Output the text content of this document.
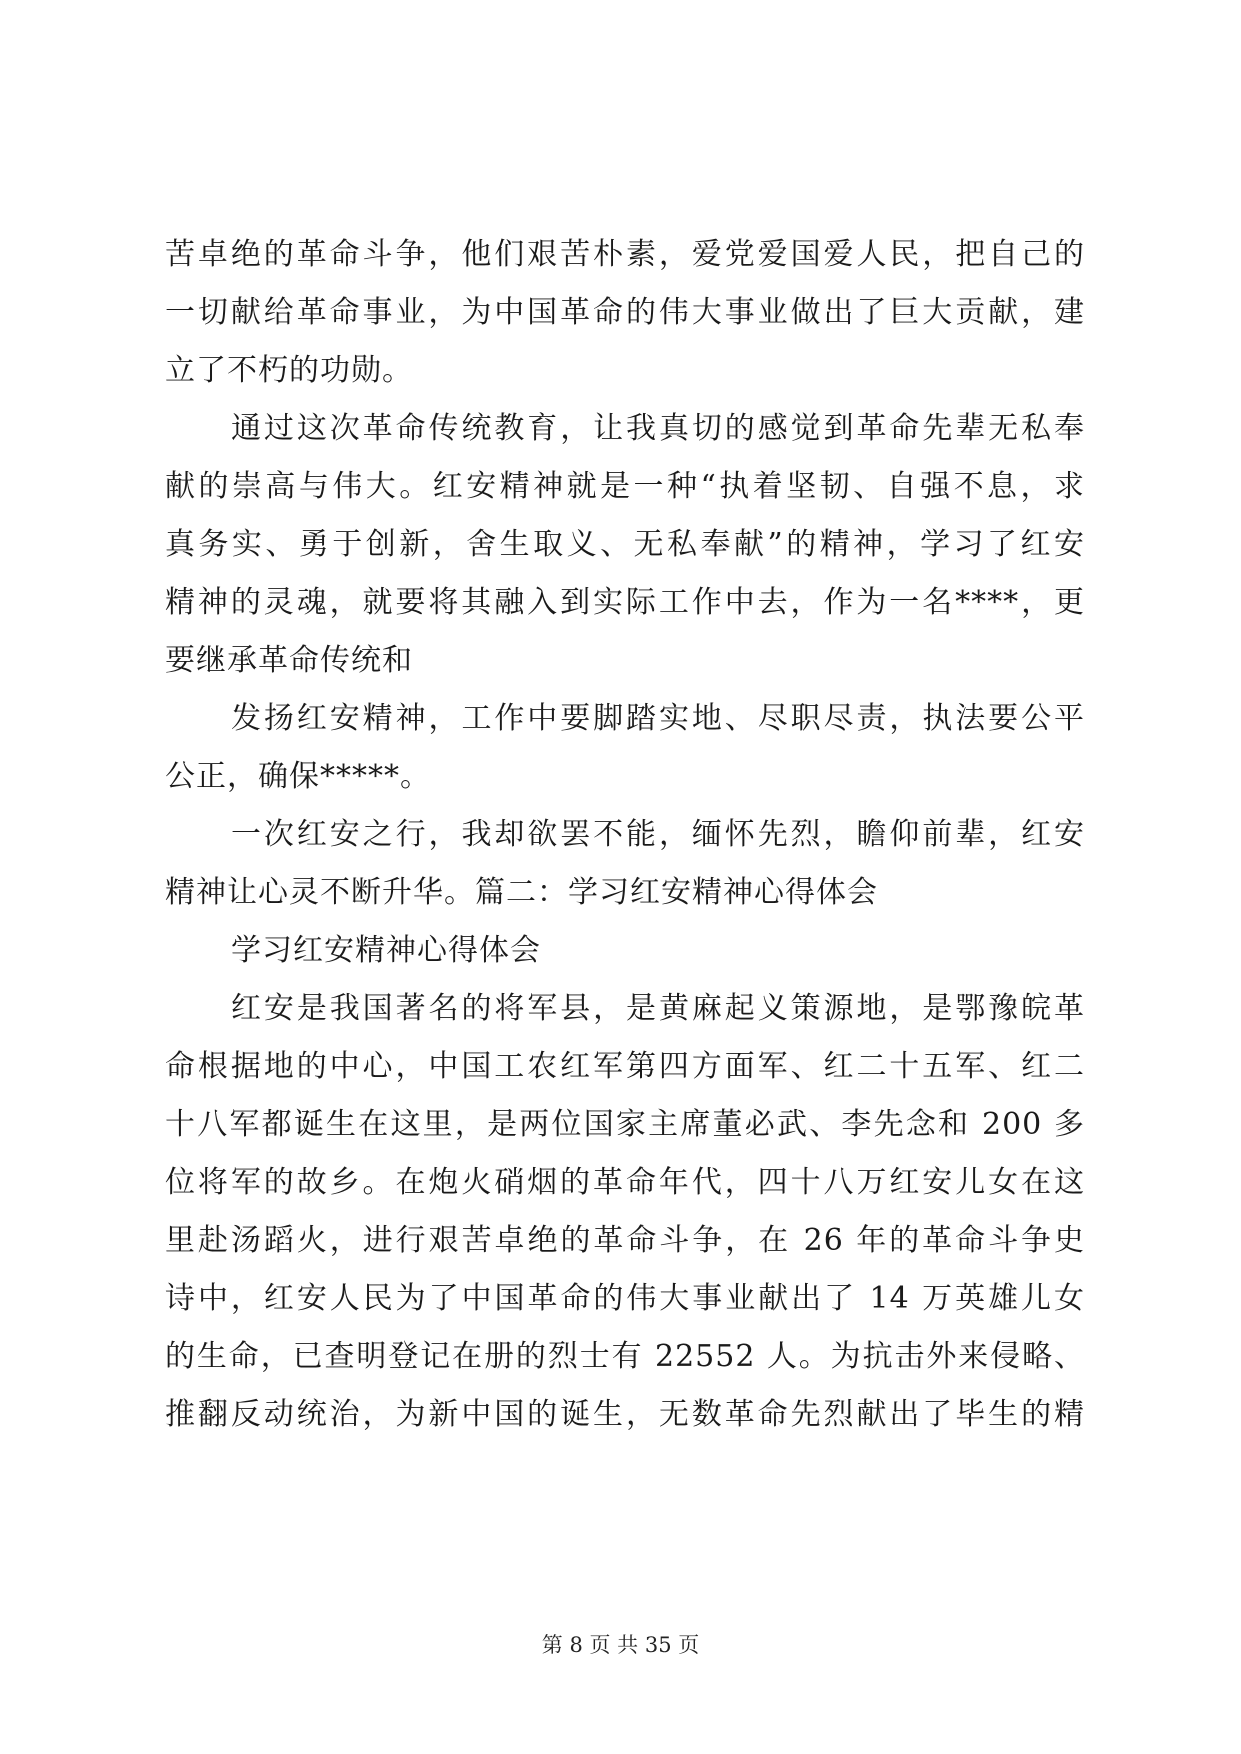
苦卓绝的革命斗争，他们艰苦朴素，爱党爱国爱人民，把自己的
一切献给革命事业，为中国革命的伟大事业做出了巨大贡献，建
立了不朽的功勋。
通过这次革命传统教育，让我真切的感觉到革命先辈无私奉
献的崇高与伟大。红安精神就是一种“执着坚韧、自强不息，求
真务实、勇于创新，舍生取义、无私奉献”的精神，学习了红安
精神的灵魂，就要将其融入到实际工作中去，作为一名****，更
要继承革命传统和
发扬红安精神，工作中要脚踏实地、尽职尽责，执法要公平
公正，确保*****。
一次红安之行，我却欲罢不能，缅怀先烈，瞻仰前辈，红安
精神让心灵不断升华。篇二：学习红安精神心得体会
学习红安精神心得体会
红安是我国著名的将军县，是黄麻起义策源地，是鄂豫皖革
命根据地的中心，中国工农红军第四方面军、红二十五军、红二
十八军都诞生在这里，是两位国家主席董必武、李先念和 200 多
位将军的故乡。在炮火硝烟的革命年代，四十八万红安儿女在这
里赴汤蹈火，进行艰苦卓绝的革命斗争，在 26 年的革命斗争史
诗中，红安人民为了中国革命的伟大事业献出了 14 万英雄儿女
的生命，已查明登记在册的烈士有 22552 人。为抗击外来侵略、
推翻反动统治，为新中国的诞生，无数革命先烈献出了毕生的精
第 8 页 共 35 页
